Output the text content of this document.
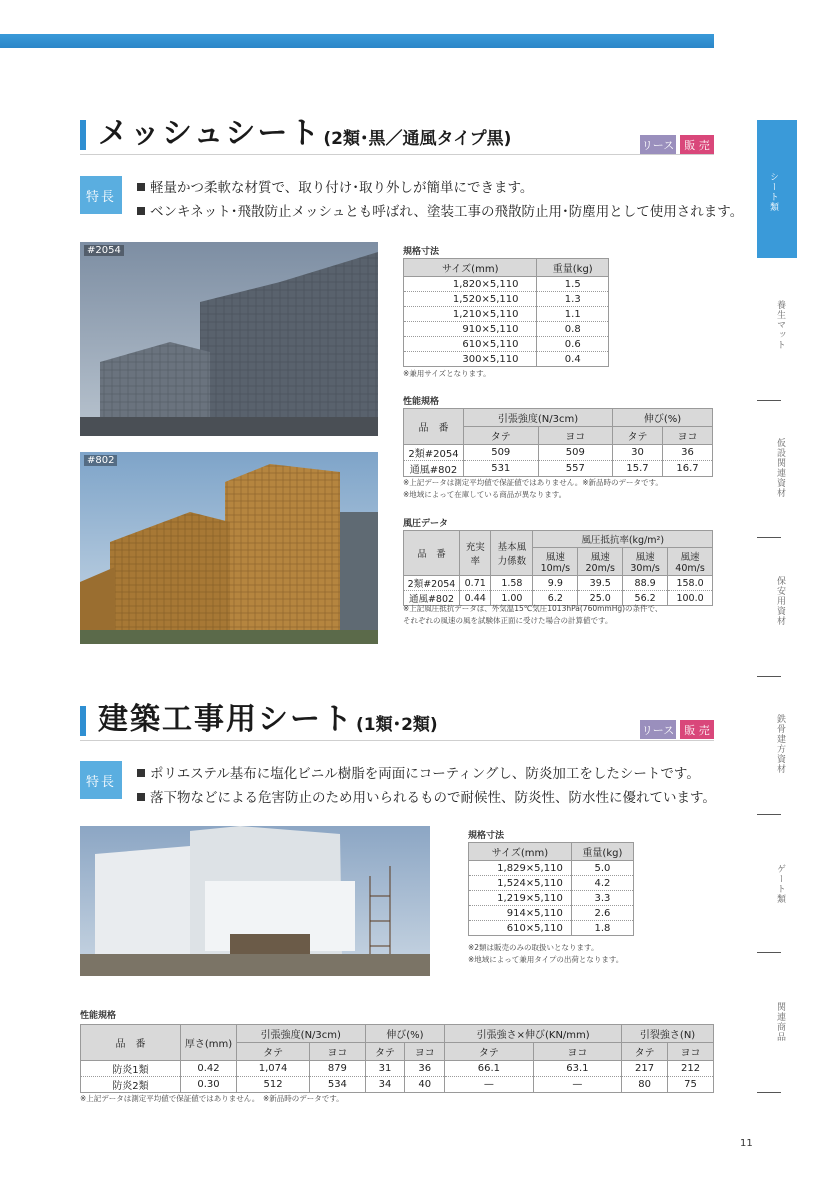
メッシュシート (2類･黒／通風タイプ黒)	リース 販 売
特長
軽量かつ柔軟な材質で、取り付け･取り外しが簡単にできます。
ベンキネット･飛散防止メッシュとも呼ばれ、塗装工事の飛散防止用･防塵用として使用されます。
#2054
#802
規格寸法
サイズ(mm)	重量(kg)
1,820×5,110	1.5
1,520×5,110	1.3
1,210×5,110	1.1
910×5,110	0.8
610×5,110	0.6
300×5,110	0.4
※兼用サイズとなります。
性能規格
品　番	引張強度(N/3cm)		伸び(%)	
	タテ	ヨコ	タテ	ヨコ
2類#2054	509	509	30	36
通風#802	531	557	15.7	16.7
※上記データは測定平均値で保証値ではありません。※新品時のデータです。
※地域によって在庫している商品が異なります。
風圧データ
品　番	充実率	基本風力係数	風圧抵抗率(kg/m²)			
			風速10m/s	風速20m/s	風速30m/s	風速40m/s
2類#2054	0.71	1.58	9.9	39.5	88.9	158.0
通風#802	0.44	1.00	6.2	25.0	56.2	100.0
※上記風圧抵抗データは、外気温15℃気圧1013hPa(760mmHg)の条件で、
それぞれの風速の風を試験体正面に受けた場合の計算値です。
建築工事用シート (1類･2類)	リース 販 売
特長	ポリエステル基布に塩化ビニル樹脂を両面にコーティングし、防炎加工をしたシートです。
落下物などによる危害防止のため用いられるもので耐候性、防炎性、防水性に優れています。
規格寸法
サイズ(mm)	重量(kg)
1,829×5,110	5.0
1,524×5,110	4.2
1,219×5,110	3.3
914×5,110	2.6
610×5,110	1.8
※2類は販売のみの取扱いとなります。
※地域によって兼用タイプの出荷となります。
性能規格
品　番	厚さ(mm)	引張強度(N/3cm)		伸び(%)		引張強さ×伸び(KN/mm)		引裂強さ(N)	
		タテ	ヨコ	タテ	ヨコ	タテ	ヨコ	タテ	ヨコ
防炎1類	0.42	1,074	879	31	36	66.1	63.1	217	212
防炎2類	0.30	512	534	34	40	—	—	80	75
※上記データは測定平均値で保証値ではありません。　※新品時のデータです。
シート類
養生マット
仮設関連資材
保安用資材
鉄骨建方資材
ゲート類
関連商品
11
